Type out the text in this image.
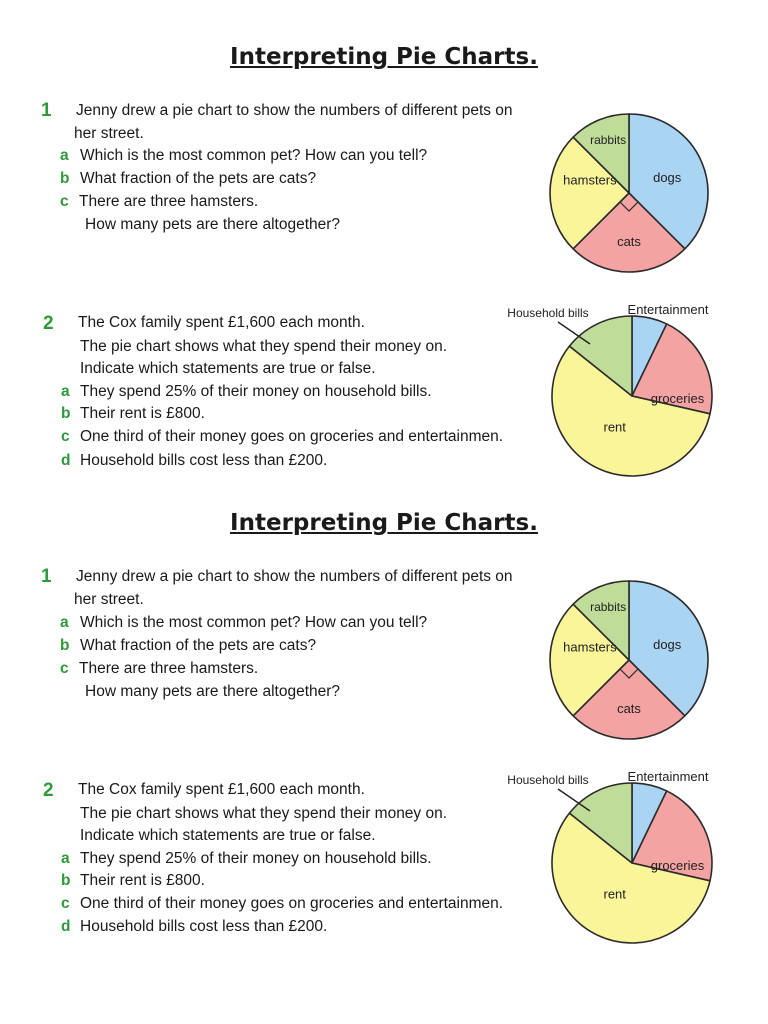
Interpreting Pie Charts.
1 Jenny drew a pie chart to show the numbers of different pets on
her street.
a Which is the most common pet? How can you tell?
b What fraction of the pets are cats?
c There are three hamsters.
How many pets are there altogether?
dogs
cats
hamsters
rabbits
2 The Cox family spent £1,600 each month.
The pie chart shows what they spend their money on.
Indicate which statements are true or false.
a They spend 25% of their money on household bills.
b Their rent is £800.
c One third of their money goes on groceries and entertainmen.
d Household bills cost less than £200.
groceries
rent
Household bills	Entertainment
Interpreting Pie Charts.
1 Jenny drew a pie chart to show the numbers of different pets on
her street.
a Which is the most common pet? How can you tell?
b What fraction of the pets are cats?
c There are three hamsters.
How many pets are there altogether?
dogs
cats
hamsters
rabbits
2 The Cox family spent £1,600 each month.
The pie chart shows what they spend their money on.
Indicate which statements are true or false.
a They spend 25% of their money on household bills.
b Their rent is £800.
c One third of their money goes on groceries and entertainmen.
d Household bills cost less than £200.
groceries
rent
Household bills	Entertainment
